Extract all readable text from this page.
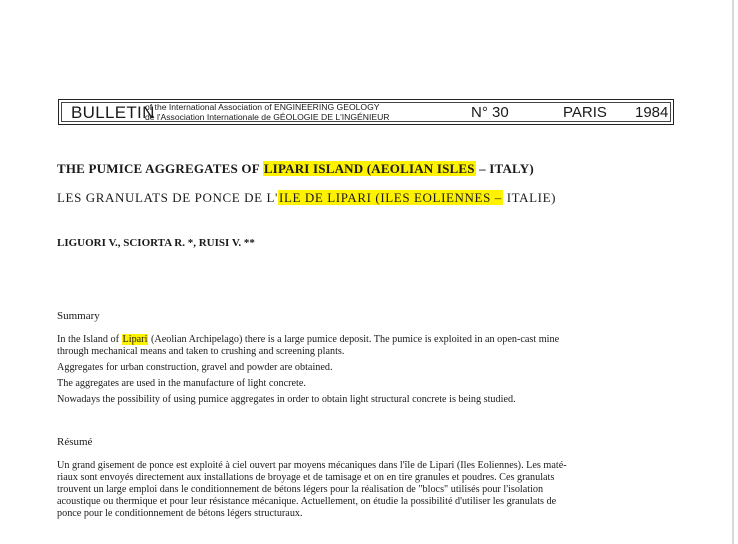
BULLETIN
of the International Association of ENGINEERING GEOLOGY
de l'Association Internationale de GÉOLOGIE DE L'INGÉNIEUR	N° 30	PARIS 1984
THE PUMICE AGGREGATES OF LIPARI ISLAND (AEOLIAN ISLES – ITALY)
LES GRANULATS DE PONCE DE L'ILE DE LIPARI (ILES EOLIENNES – ITALIE)
LIGUORI V., SCIORTA R. *, RUISI V. **
Summary
In the Island of Lipari (Aeolian Archipelago) there is a large pumice deposit. The pumice is exploited in an open-cast mine
through mechanical means and taken to crushing and screening plants.
Aggregates for urban construction, gravel and powder are obtained.
The aggregates are used in the manufacture of light concrete.
Nowadays the possibility of using pumice aggregates in order to obtain light structural concrete is being studied.
Résumé
Un grand gisement de ponce est exploité à ciel ouvert par moyens mécaniques dans l'île de Lipari (Iles Eoliennes). Les maté-
riaux sont envoyés directement aux installations de broyage et de tamisage et on en tire granules et poudres. Ces granulats
trouvent un large emploi dans le conditionnement de bétons légers pour la réalisation de "blocs" utilisés pour l'isolation
acoustique ou thermique et pour leur résistance mécanique. Actuellement, on étudie la possibilité d'utiliser les granulats de
ponce pour le conditionnement de bétons légers structuraux.
